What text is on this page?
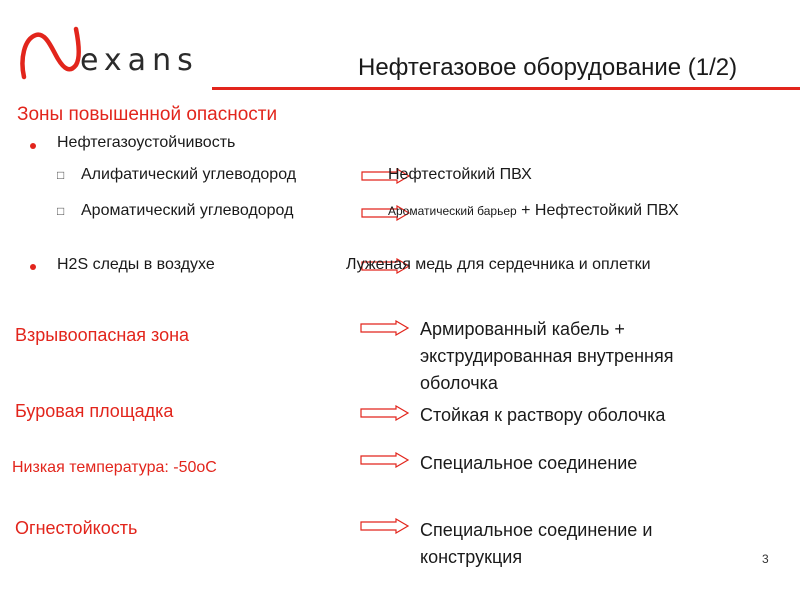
exans	Нефтегазовое оборудование (1/2)
Зоны повышенной опасности
Нефтегазоустойчивость
□ Алифатический углеводород	Нефтестойкий ПВХ
□ Ароматический углеводород	Ароматический барьер + Нефтестойкий ПВХ
H2S следы в воздухе	Луженая медь для сердечника и оплетки
Взрывоопасная зона	Армированный кабель +
экструдированная внутренняя
оболочка
Буровая площадка	Стойкая к раствору оболочка
Низкая температура: -50oC	Специальное соединение
Огнестойкость	Специальное соединение и
конструкция	3
